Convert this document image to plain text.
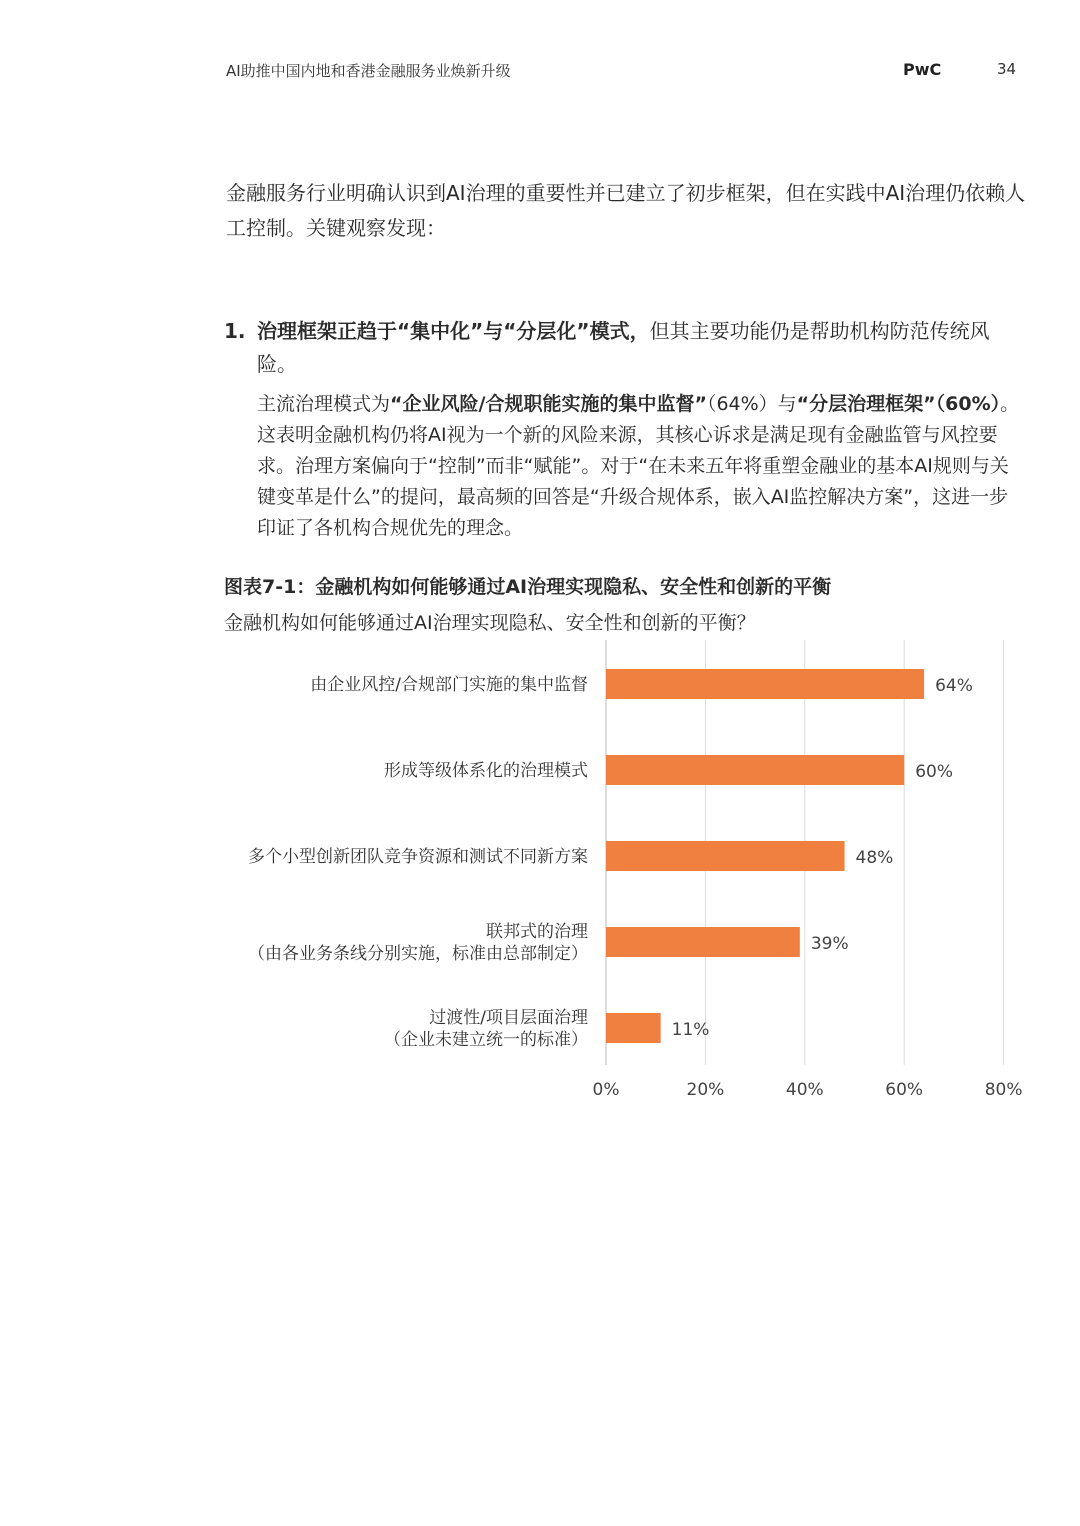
AI助推中国内地和香港金融服务业焕新升级	PwC	34

金融服务行业明确认识到AI治理的重要性并已建立了初步框架，但在实践中AI治理仍依赖人工控制。关键观察发现：

1. 治理框架正趋于“集中化”与“分层化”模式，但其主要功能仍是帮助机构防范传统风险。
主流治理模式为“企业风险/合规职能实施的集中监督”（64%）与“分层治理框架”（60%）。这表明金融机构仍将AI视为一个新的风险来源，其核心诉求是满足现有金融监管与风控要求。治理方案偏向于“控制”而非“赋能”。对于“在未来五年将重塑金融业的基本AI规则与关键变革是什么”的提问，最高频的回答是“升级合规体系，嵌入AI监控解决方案”，这进一步印证了各机构合规优先的理念。

图表7-1：金融机构如何能够通过AI治理实现隐私、安全性和创新的平衡

金融机构如何能够通过AI治理实现隐私、安全性和创新的平衡？

0%	20%	40%	60%	80%
64%
由企业风控/合规部门实施的集中监督
60%
形成等级体系化的治理模式
48%
多个小型创新团队竞争资源和测试不同新方案
39%
联邦式的治理
（由各业务条线分别实施，标准由总部制定）
11%
过渡性/项目层面治理
（企业未建立统一的标准）
